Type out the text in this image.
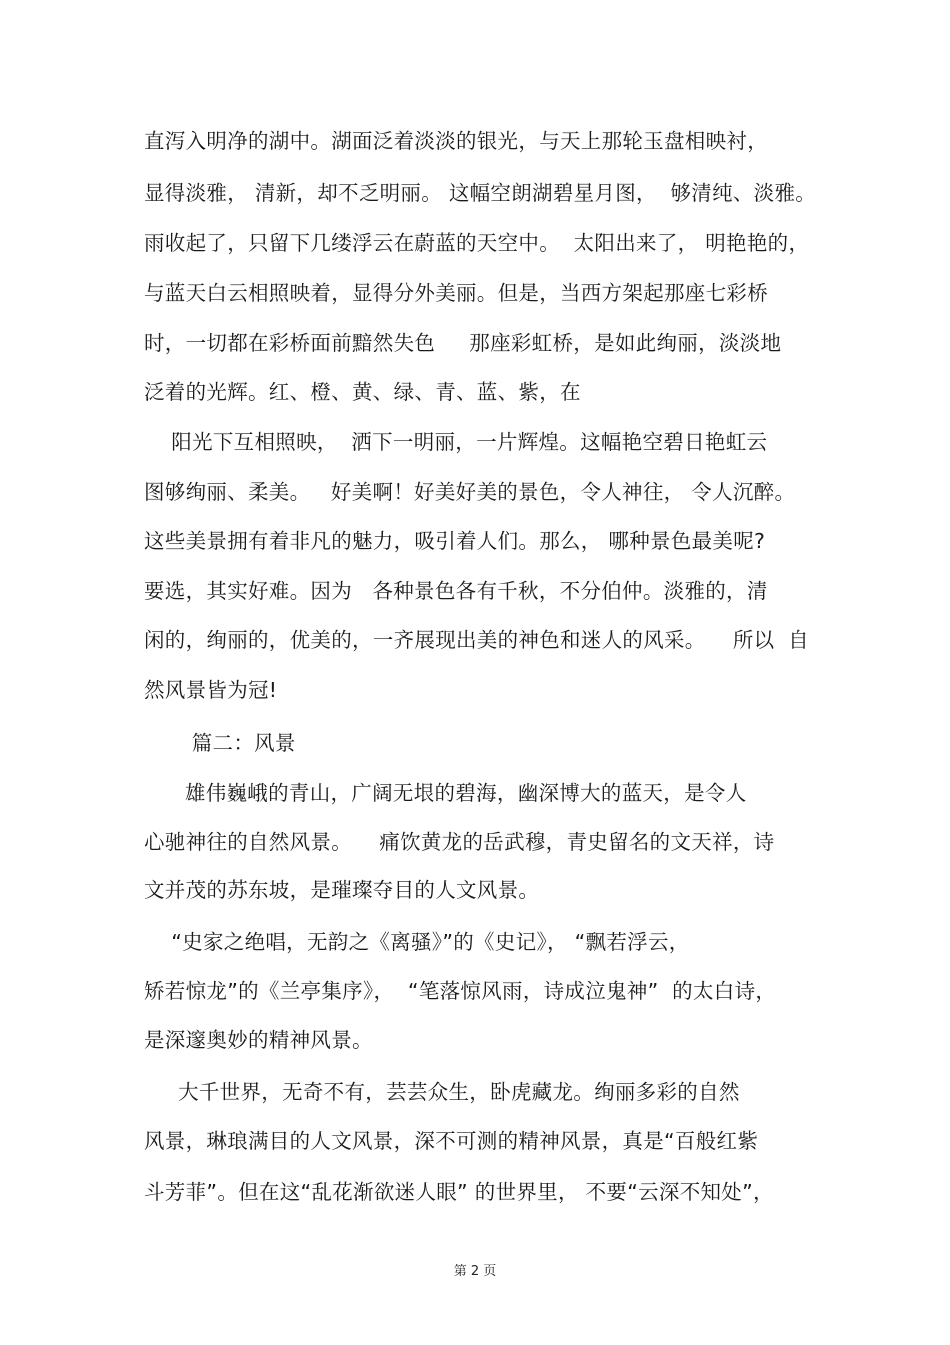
直泻入明净的湖中。湖面泛着淡淡的银光，与天上那轮玉盘相映衬，
显得淡雅， 清新，却不乏明丽。 这幅空朗湖碧星月图，  够清纯、淡雅。
雨收起了，只留下几缕浮云在蔚蓝的天空中。  太阳出来了， 明艳艳的，
与蓝天白云相照映着，显得分外美丽。但是，当西方架起那座七彩桥
时，一切都在彩桥面前黯然失色     那座彩虹桥，是如此绚丽，淡淡地
泛着的光辉。红、橙、黄、绿、青、蓝、紫，在
阳光下互相照映，  洒下一明丽，一片辉煌。这幅艳空碧日艳虹云
图够绚丽、柔美。   好美啊！好美好美的景色，令人神往， 令人沉醉。
这些美景拥有着非凡的魅力，吸引着人们。那么， 哪种景色最美呢?
要选，其实好难。因为   各种景色各有千秋，不分伯仲。淡雅的，清
闲的，绚丽的，优美的，一齐展现出美的神色和迷人的风采。    所以  自
然风景皆为冠!
篇二：风景
雄伟巍峨的青山，广阔无垠的碧海，幽深博大的蓝天，是令人
心驰神往的自然风景。    痛饮黄龙的岳武穆，青史留名的文天祥，诗
文并茂的苏东坡，是璀璨夺目的人文风景。
“史家之绝唱，无韵之《离骚》”的《史记》， “飘若浮云，
矫若惊龙”的《兰亭集序》，  “笔落惊风雨，诗成泣鬼神”  的太白诗，
是深邃奥妙的精神风景。
大千世界，无奇不有，芸芸众生，卧虎藏龙。绚丽多彩的自然
风景，琳琅满目的人文风景，深不可测的精神风景，真是“百般红紫
斗芳菲”。但在这“乱花渐欲迷人眼” 的世界里， 不要“云深不知处”，
第 2 页
